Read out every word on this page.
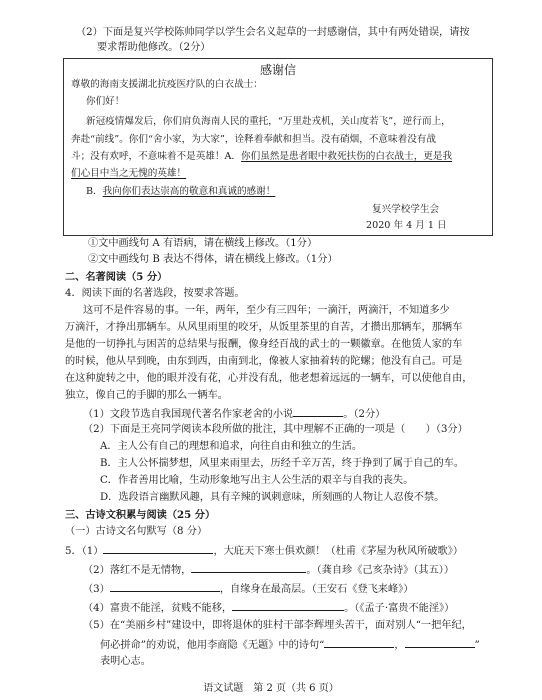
（2）下面是复兴学校陈帅同学以学生会名义起草的一封感谢信，其中有两处错误，请按
要求帮助他修改。（2分）
感谢信
尊敬的海南支援湖北抗疫医疗队的白衣战士：
你们好！
新冠疫情爆发后，你们肩负海南人民的重托，“万里赴戎机，关山度若飞”，逆行而上，
奔赴“前线”。你们“舍小家，为大家”，诠释着奉献和担当。没有硝烟，不意味着没有战
斗；没有欢呼，不意味着不是英雄！A．你们虽然是患者眼中救死扶伤的白衣战士，更是我
们心目中当之无愧的英雄！
B．我向你们表达崇高的敬意和真诚的感谢！
复兴学校学生会
2020 年 4 月 1 日
①文中画线句 A 有语病，请在横线上修改。（1分）
②文中画线句 B 表达不得体，请在横线上修改。（1分）
二、名著阅读（5 分）
4．阅读下面的名著选段，按要求答题。
这可不是件容易的事。一年，两年，至少有三四年；一滴汗，两滴汗，不知道多少
万滴汗，才挣出那辆车。从风里雨里的咬牙，从饭里茶里的自苦，才攒出那辆车，那辆车
是他的一切挣扎与困苦的总结果与报酬，像身经百战的武士的一颗徽章。在他赁人家的车
的时候，他从早到晚，由东到西，由南到北，像被人家抽着转的陀螺；他没有自己。可是
在这种旋转之中，他的眼并没有花，心并没有乱，他老想着远远的一辆车，可以使他自由，
独立，像自己的手脚的那么一辆车。
（1）文段节选自我国现代著名作家老舍的小说	。（2分）
（2）下面是王亮同学阅读本段所做的批注，其中理解不正确的一项是（　　）（3分）
A．主人公有自己的理想和追求，向往自由和独立的生活。
B．主人公怀揣梦想，风里来雨里去，历经千辛万苦，终于挣到了属于自己的车。
C．作者善用比喻，生动形象地写出主人公生活的艰辛与自我的丧失。
D．选段语言幽默风趣，具有辛辣的讽刺意味，所刻画的人物让人忍俊不禁。
三、古诗文积累与阅读（25 分）
（一）古诗文名句默写（8 分）
5．（1）	，大庇天下寒士俱欢颜！（杜甫《茅屋为秋风所破歌》）
（2）落红不是无情物，	。（龚自珍《己亥杂诗》（其五））
（3）	，自缘身在最高层。（王安石《登飞来峰》）
（4）富贵不能淫，贫贱不能移，	。（《孟子·富贵不能淫》）
（5）在“美丽乡村”建设中，即将退休的驻村干部李辉埋头苦干，面对别人“一把年纪，
何必拼命”的劝说，他用李商隐《无题》中的诗句“	，	”
表明心志。
语文试题　第 2 页（共 6 页）
